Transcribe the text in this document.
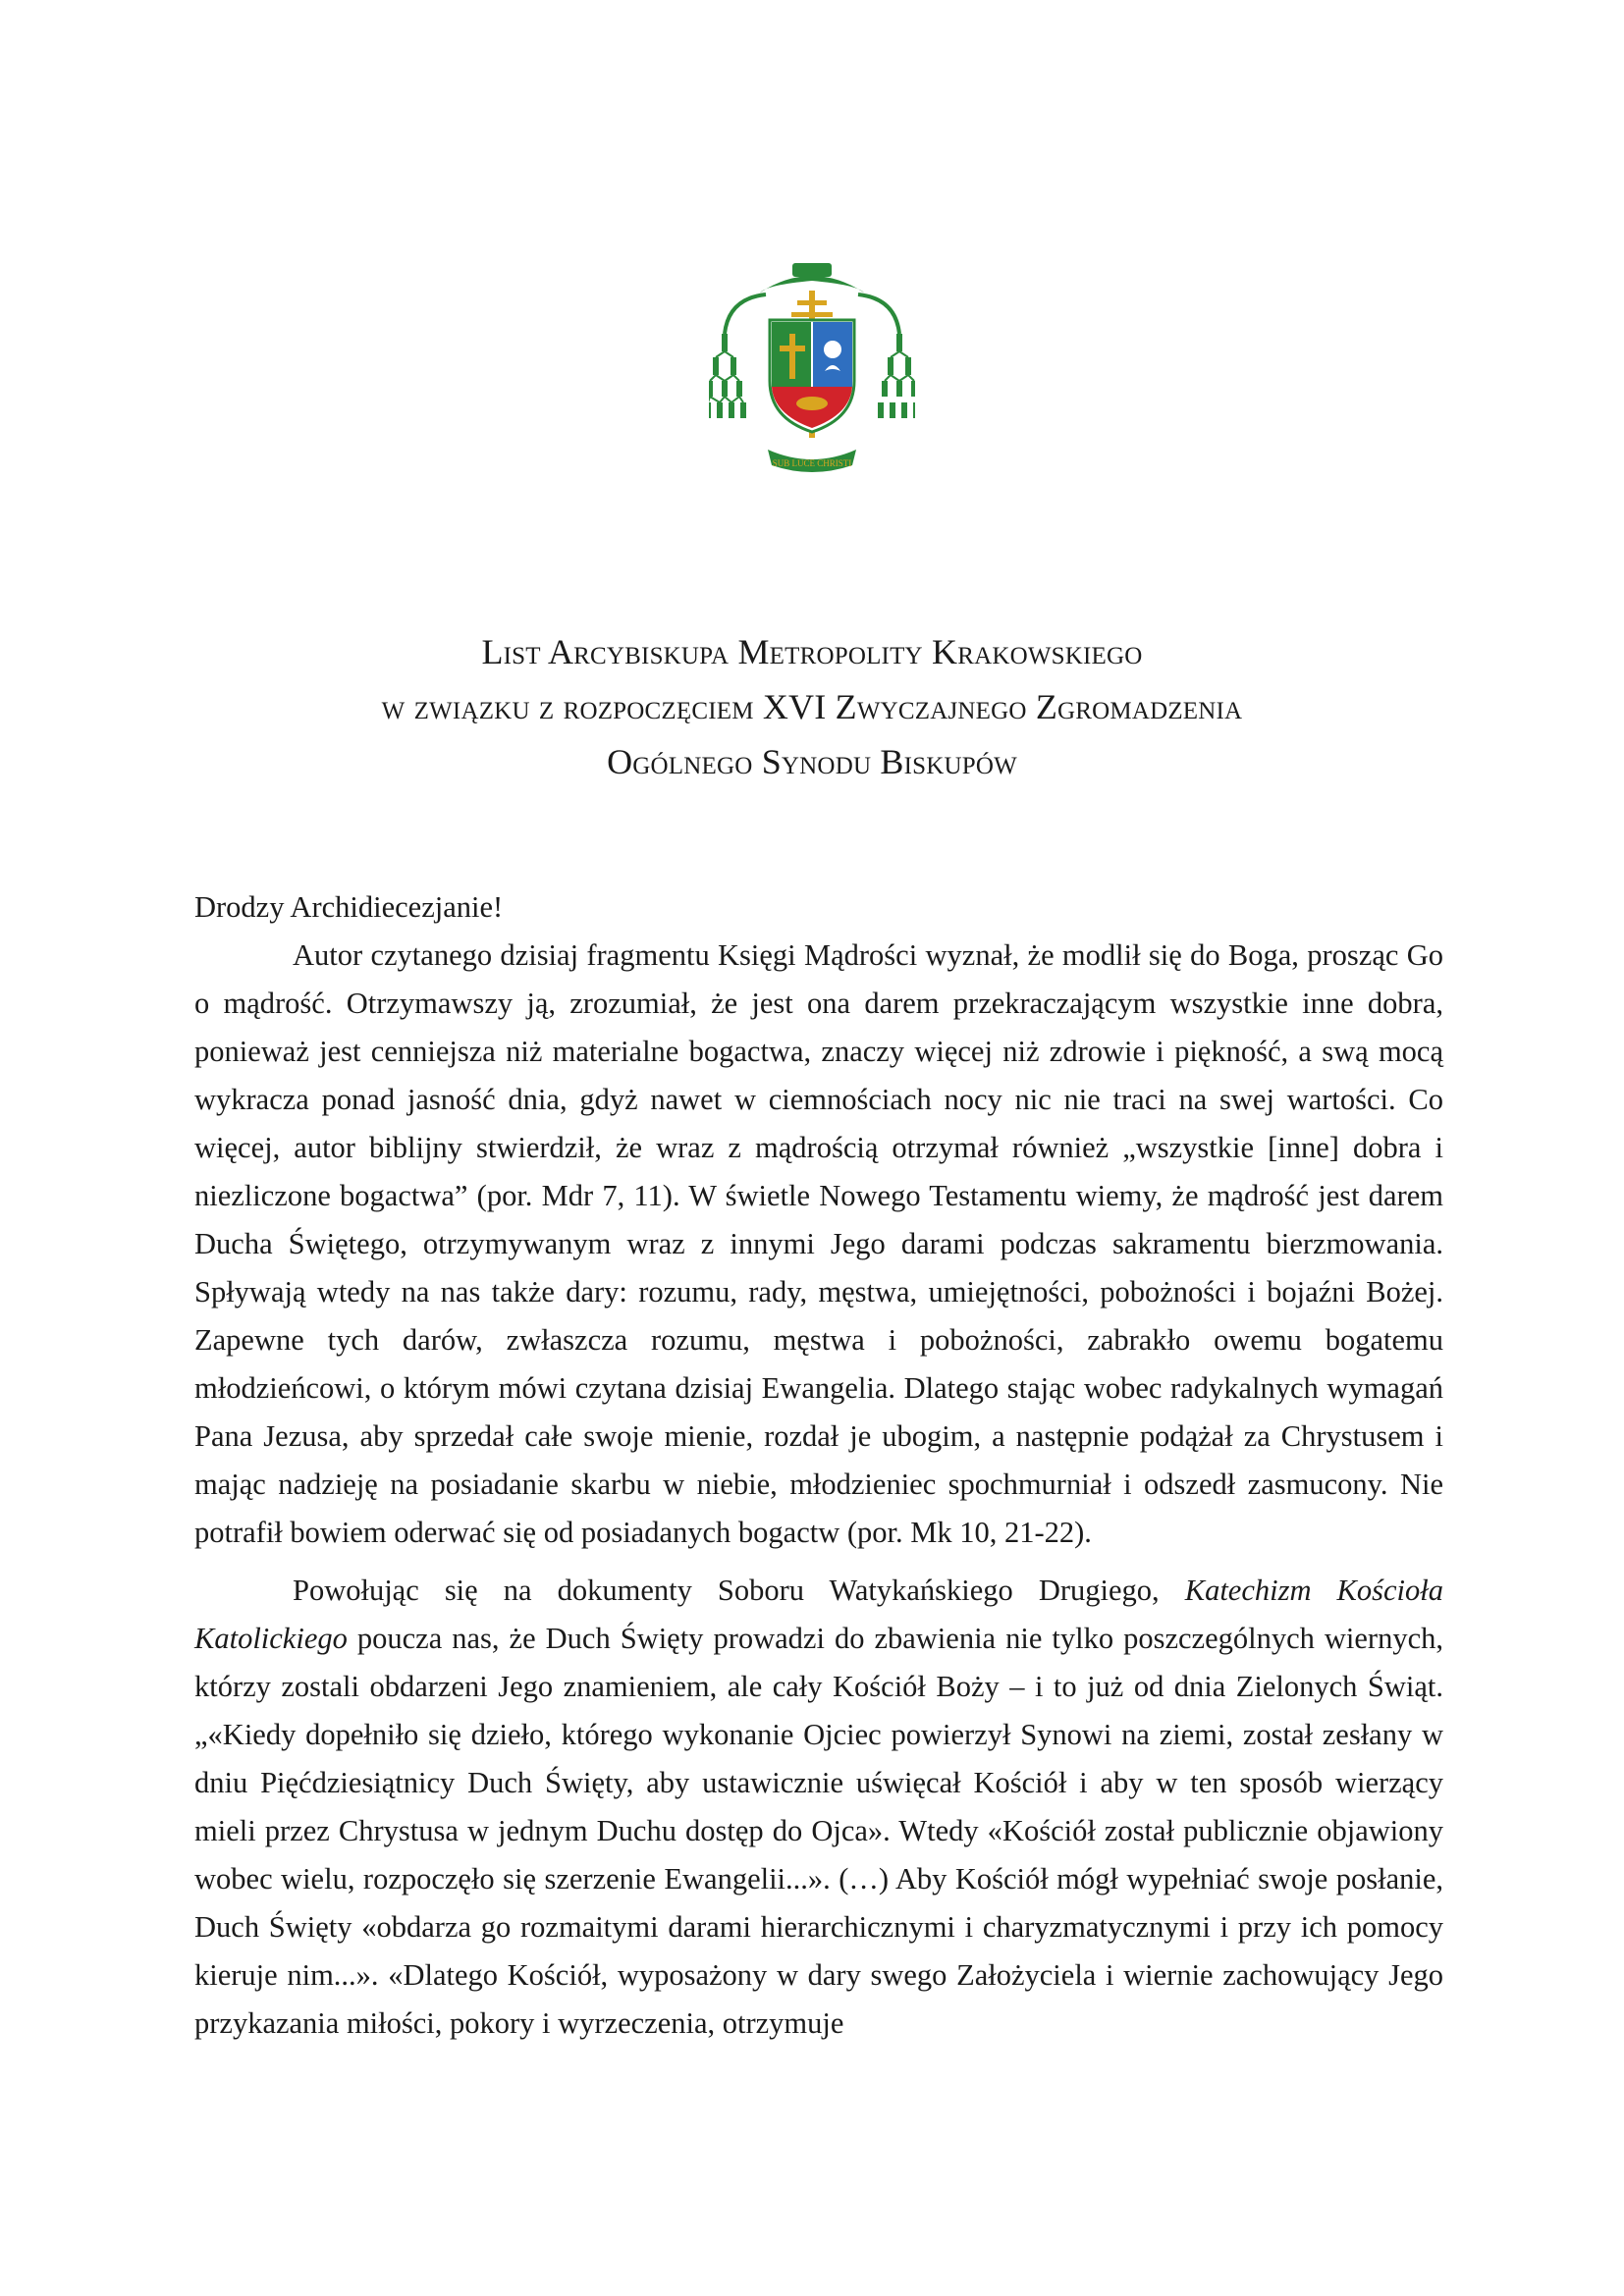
SUB LUCE CHRISTI
List Arcybiskupa Metropolity Krakowskiego
w związku z rozpoczęciem XVI Zwyczajnego Zgromadzenia
Ogólnego Synodu Biskupów

Drodzy Archidiecezjanie!

Autor czytanego dzisiaj fragmentu Księgi Mądrości wyznał, że modlił się do Boga, prosząc Go o mądrość. Otrzymawszy ją, zrozumiał, że jest ona darem przekraczającym wszystkie inne dobra, ponieważ jest cenniejsza niż materialne bogactwa, znaczy więcej niż zdrowie i piękność, a swą mocą wykracza ponad jasność dnia, gdyż nawet w ciemnościach nocy nic nie traci na swej wartości. Co więcej, autor biblijny stwierdził, że wraz z mądrością otrzymał również „wszystkie [inne] dobra i niezliczone bogactwa” (por. Mdr 7, 11). W świetle Nowego Testamentu wiemy, że mądrość jest darem Ducha Świętego, otrzymywanym wraz z innymi Jego darami podczas sakramentu bierzmowania. Spływają wtedy na nas także dary: rozumu, rady, męstwa, umiejętności, pobożności i bojaźni Bożej. Zapewne tych darów, zwłaszcza rozumu, męstwa i pobożności, zabrakło owemu bogatemu młodzieńcowi, o którym mówi czytana dzisiaj Ewangelia. Dlatego stając wobec radykalnych wymagań Pana Jezusa, aby sprzedał całe swoje mienie, rozdał je ubogim, a następnie podążał za Chrystusem i mając nadzieję na posiadanie skarbu w niebie, młodzieniec spochmurniał i odszedł zasmucony. Nie potrafił bowiem oderwać się od posiadanych bogactw (por. Mk 10, 21-22).

Powołując się na dokumenty Soboru Watykańskiego Drugiego, Katechizm Kościoła Katolickiego poucza nas, że Duch Święty prowadzi do zbawienia nie tylko poszczególnych wiernych, którzy zostali obdarzeni Jego znamieniem, ale cały Kościół Boży – i to już od dnia Zielonych Świąt. „«Kiedy dopełniło się dzieło, którego wykonanie Ojciec powierzył Synowi na ziemi, został zesłany w dniu Pięćdziesiątnicy Duch Święty, aby ustawicznie uświęcał Kościół i aby w ten sposób wierzący mieli przez Chrystusa w jednym Duchu dostęp do Ojca». Wtedy «Kościół został publicznie objawiony wobec wielu, rozpoczęło się szerzenie Ewangelii...». (…) Aby Kościół mógł wypełniać swoje posłanie, Duch Święty «obdarza go rozmaitymi darami hierarchicznymi i charyzmatycznymi i przy ich pomocy kieruje nim...». «Dlatego Kościół, wyposażony w dary swego Założyciela i wiernie zachowujący Jego przykazania miłości, pokory i wyrzeczenia, otrzymuje
